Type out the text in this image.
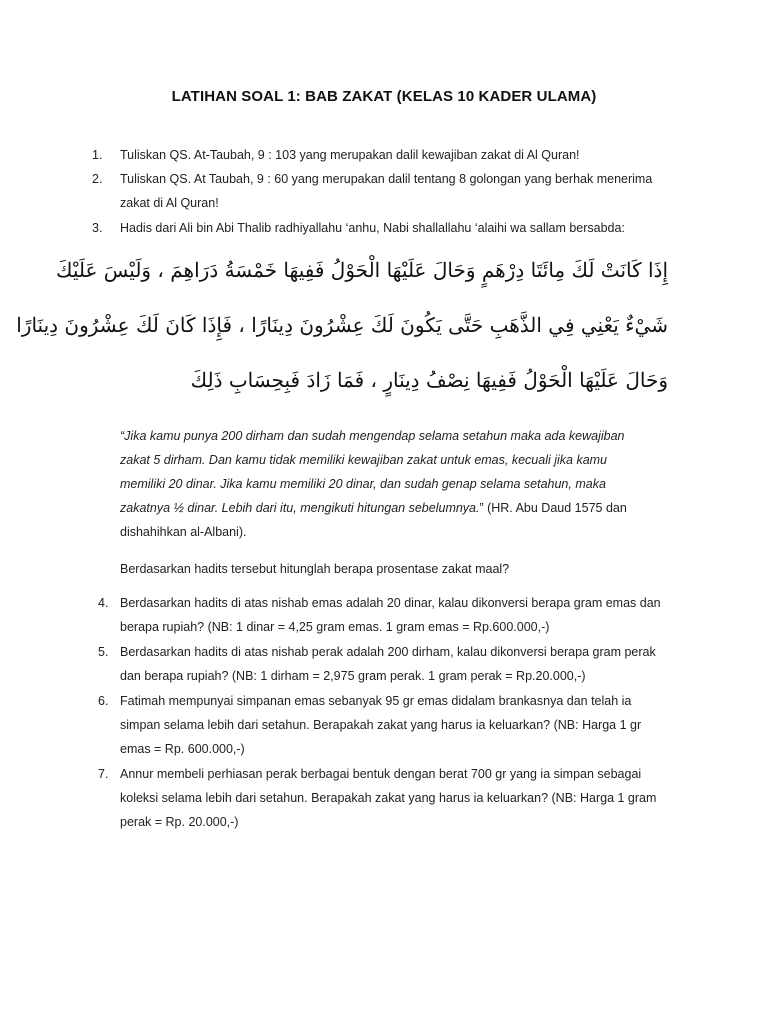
LATIHAN SOAL 1: BAB ZAKAT (KELAS 10 KADER ULAMA)
1. Tuliskan QS. At-Taubah, 9 : 103 yang merupakan dalil kewajiban zakat di Al Quran!
2. Tuliskan QS. At Taubah, 9 : 60 yang merupakan dalil tentang 8 golongan yang berhak menerima
zakat di Al Quran!
3. Hadis dari Ali bin Abi Thalib radhiyallahu ‘anhu, Nabi shallallahu ‘alaihi wa sallam bersabda:
إِذَا كَانَتْ لَكَ مِائَتَا دِرْهَمٍ وَحَالَ عَلَيْهَا الْحَوْلُ فَفِيهَا خَمْسَةُ دَرَاهِمَ ، وَلَيْسَ عَلَيْكَ
شَيْءٌ يَعْنِي فِي الذَّهَبِ حَتَّى يَكُونَ لَكَ عِشْرُونَ دِينَارًا ، فَإِذَا كَانَ لَكَ عِشْرُونَ دِينَارًا
وَحَالَ عَلَيْهَا الْحَوْلُ فَفِيهَا نِصْفُ دِينَارٍ ، فَمَا زَادَ فَبِحِسَابِ ذَلِكَ
“Jika kamu punya 200 dirham dan sudah mengendap selama setahun maka ada kewajiban
zakat 5 dirham. Dan kamu tidak memiliki kewajiban zakat untuk emas, kecuali jika kamu
memiliki 20 dinar. Jika kamu memiliki 20 dinar, dan sudah genap selama setahun, maka
zakatnya ½ dinar. Lebih dari itu, mengikuti hitungan sebelumnya.” (HR. Abu Daud 1575 dan
dishahihkan al-Albani).
Berdasarkan hadits tersebut hitunglah berapa prosentase zakat maal?
4. Berdasarkan hadits di atas nishab emas adalah 20 dinar, kalau dikonversi berapa gram emas dan
berapa rupiah? (NB: 1 dinar = 4,25 gram emas. 1 gram emas = Rp.600.000,-)
5. Berdasarkan hadits di atas nishab perak adalah 200 dirham, kalau dikonversi berapa gram perak
dan berapa rupiah? (NB: 1 dirham = 2,975 gram perak. 1 gram perak = Rp.20.000,-)
6. Fatimah mempunyai simpanan emas sebanyak 95 gr emas didalam brankasnya dan telah ia
simpan selama lebih dari setahun. Berapakah zakat yang harus ia keluarkan? (NB: Harga 1 gr
emas = Rp. 600.000,-)
7. Annur membeli perhiasan perak berbagai bentuk dengan berat 700 gr yang ia simpan sebagai
koleksi selama lebih dari setahun. Berapakah zakat yang harus ia keluarkan? (NB: Harga 1 gram
perak = Rp. 20.000,-)
